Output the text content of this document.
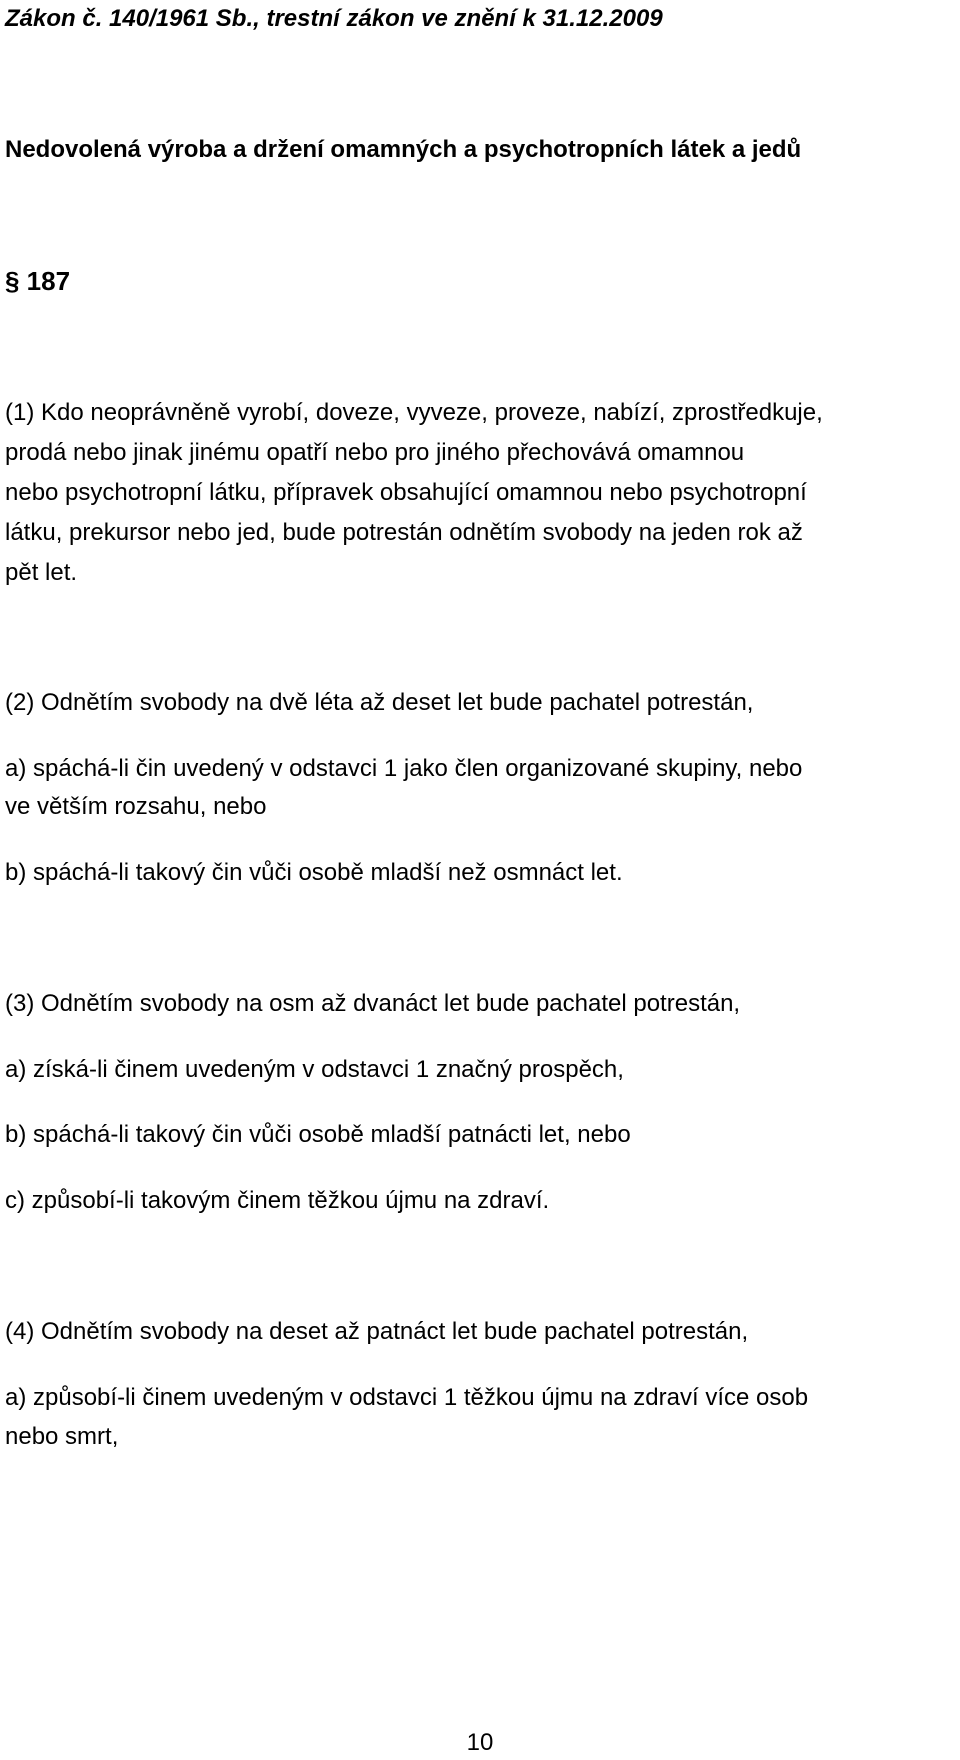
Zákon č. 140/1961 Sb., trestní zákon ve znění k 31.12.2009
Nedovolená výroba a držení omamných a psychotropních látek a jedů
§ 187
(1) Kdo neoprávněně vyrobí, doveze, vyveze, proveze, nabízí, zprostředkuje,
prodá nebo jinak jinému opatří nebo pro jiného přechovává omamnou
nebo psychotropní látku, přípravek obsahující omamnou nebo psychotropní
látku, prekursor nebo jed, bude potrestán odnětím svobody na jeden rok až
pět let.
(2) Odnětím svobody na dvě léta až deset let bude pachatel potrestán,
a) spáchá-li čin uvedený v odstavci 1 jako člen organizované skupiny, nebo
ve větším rozsahu, nebo
b) spáchá-li takový čin vůči osobě mladší než osmnáct let.
(3) Odnětím svobody na osm až dvanáct let bude pachatel potrestán,
a) získá-li činem uvedeným v odstavci 1 značný prospěch,
b) spáchá-li takový čin vůči osobě mladší patnácti let, nebo
c) způsobí-li takovým činem těžkou újmu na zdraví.
(4) Odnětím svobody na deset až patnáct let bude pachatel potrestán,
a) způsobí-li činem uvedeným v odstavci 1 těžkou újmu na zdraví více osob
nebo smrt,
10
